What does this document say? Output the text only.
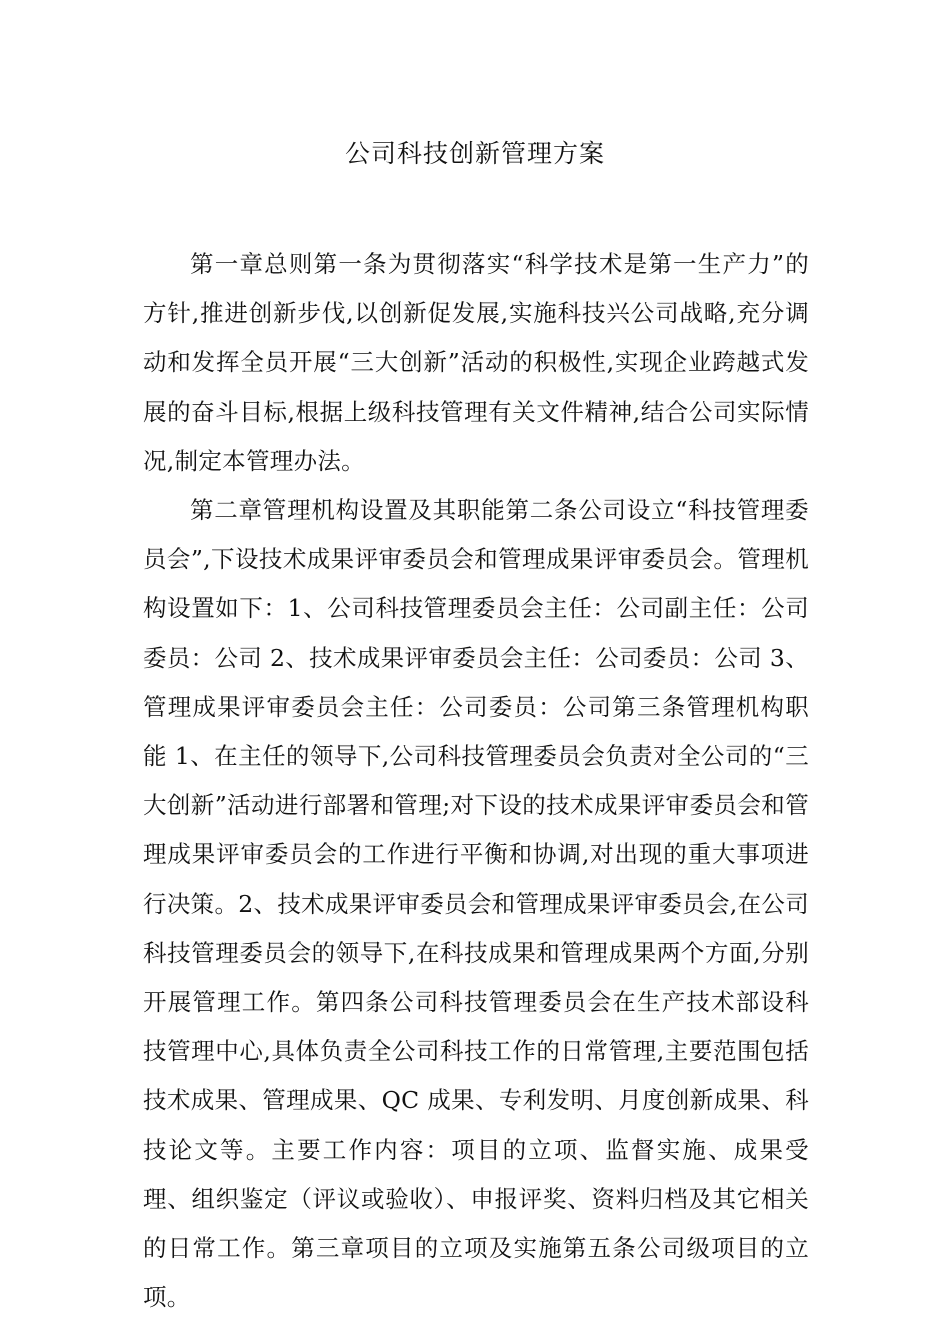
公司科技创新管理方案

第一章总则第一条为贯彻落实“科学技术是第一生产力”的方针,推进创新步伐,以创新促发展,实施科技兴公司战略,充分调动和发挥全员开展“三大创新”活动的积极性,实现企业跨越式发展的奋斗目标,根据上级科技管理有关文件精神,结合公司实际情况,制定本管理办法。

第二章管理机构设置及其职能第二条公司设立“科技管理委员会”,下设技术成果评审委员会和管理成果评审委员会。管理机构设置如下：1、公司科技管理委员会主任：公司副主任：公司委员：公司 2、技术成果评审委员会主任：公司委员：公司 3、管理成果评审委员会主任：公司委员：公司第三条管理机构职能 1、在主任的领导下,公司科技管理委员会负责对全公司的“三大创新”活动进行部署和管理;对下设的技术成果评审委员会和管理成果评审委员会的工作进行平衡和协调,对出现的重大事项进行决策。2、技术成果评审委员会和管理成果评审委员会,在公司科技管理委员会的领导下,在科技成果和管理成果两个方面,分别开展管理工作。第四条公司科技管理委员会在生产技术部设科技管理中心,具体负责全公司科技工作的日常管理,主要范围包括技术成果、管理成果、QC 成果、专利发明、月度创新成果、科技论文等。主要工作内容：项目的立项、监督实施、成果受理、组织鉴定（评议或验收）、申报评奖、资料归档及其它相关的日常工作。第三章项目的立项及实施第五条公司级项目的立项。
